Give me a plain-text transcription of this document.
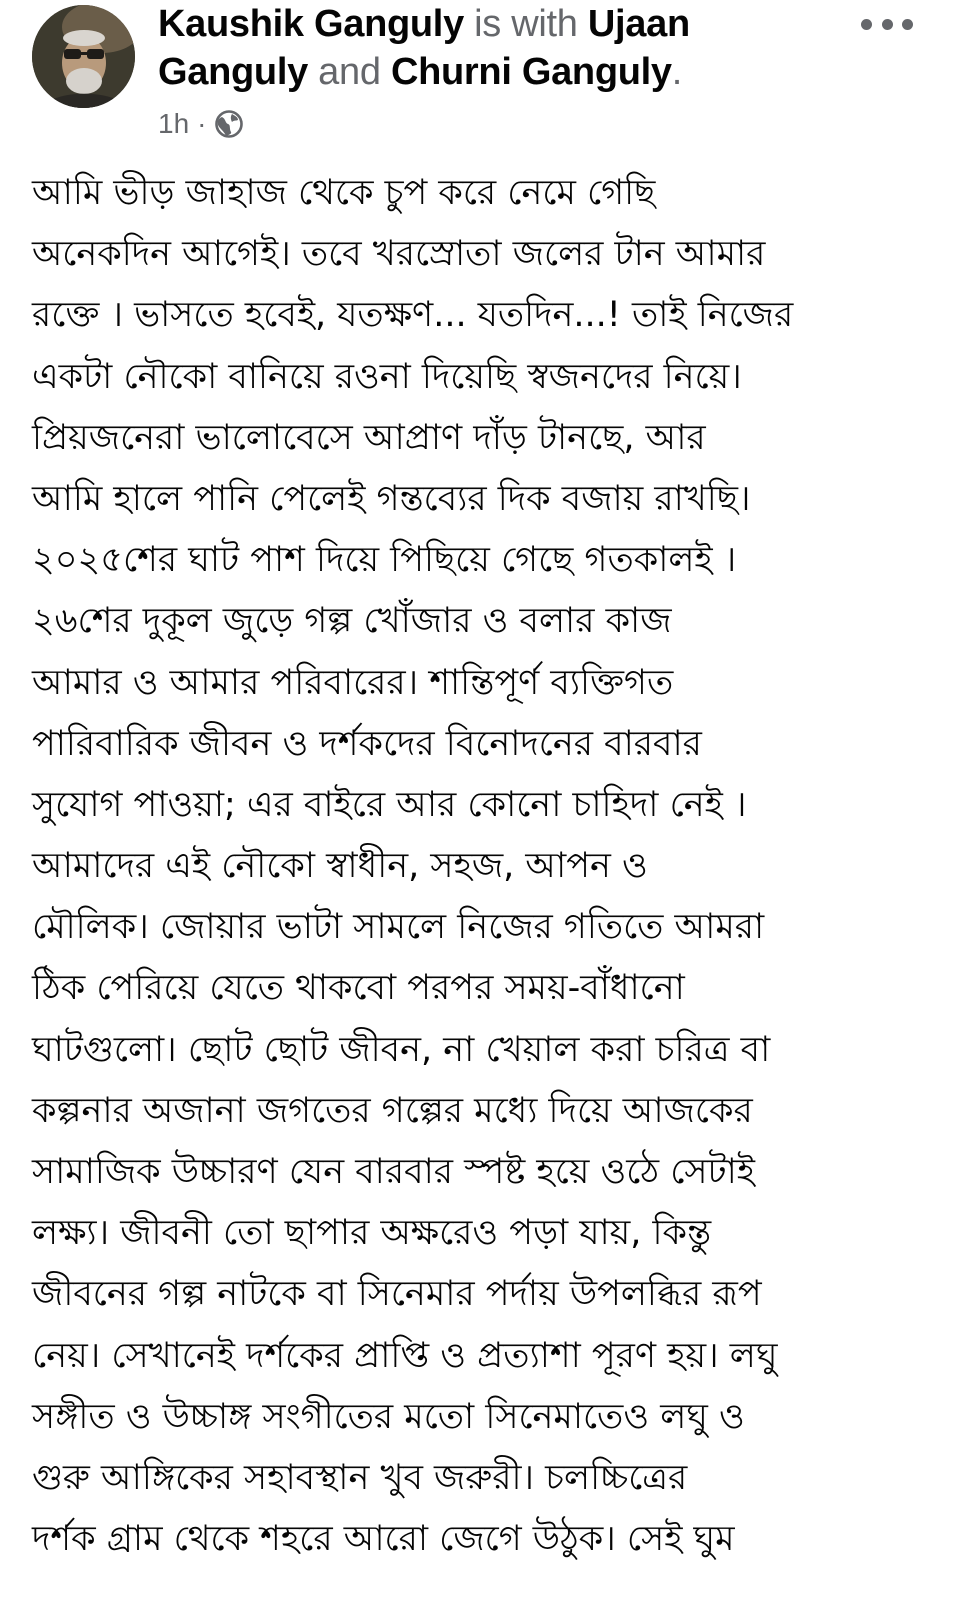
Kaushik Ganguly is with Ujaan Ganguly and Churni Ganguly.
1h ·
আমি ভীড় জাহাজ থেকে চুপ করে নেমে গেছি
অনেকদিন আগেই। তবে খরস্রোতা জলের টান আমার
রক্তে । ভাসতে হবেই, যতক্ষণ... যতদিন...! তাই নিজের
একটা নৌকো বানিয়ে রওনা দিয়েছি স্বজনদের নিয়ে।
প্রিয়জনেরা ভালোবেসে আপ্রাণ দাঁড় টানছে, আর
আমি হালে পানি পেলেই গন্তব্যের দিক বজায় রাখছি।
২০২৫শের ঘাট পাশ দিয়ে পিছিয়ে গেছে গতকালই ।
২৬শের দুকূল জুড়ে গল্প খোঁজার ও বলার কাজ
আমার ও আমার পরিবারের। শান্তিপূর্ণ ব্যক্তিগত
পারিবারিক জীবন ও দর্শকদের বিনোদনের বারবার
সুযোগ পাওয়া; এর বাইরে আর কোনো চাহিদা নেই ।
আমাদের এই নৌকো স্বাধীন, সহজ, আপন ও
মৌলিক। জোয়ার ভাটা সামলে নিজের গতিতে আমরা
ঠিক পেরিয়ে যেতে থাকবো পরপর সময়-বাঁধানো
ঘাটগুলো। ছোট ছোট জীবন, না খেয়াল করা চরিত্র বা
কল্পনার অজানা জগতের গল্পের মধ্যে দিয়ে আজকের
সামাজিক উচ্চারণ যেন বারবার স্পষ্ট হয়ে ওঠে সেটাই
লক্ষ্য। জীবনী তো ছাপার অক্ষরেও পড়া যায়, কিন্তু
জীবনের গল্প নাটকে বা সিনেমার পর্দায় উপলব্ধির রূপ
নেয়। সেখানেই দর্শকের প্রাপ্তি ও প্রত্যাশা পূরণ হয়। লঘু
সঙ্গীত ও উচ্চাঙ্গ সংগীতের মতো সিনেমাতেও লঘু ও
গুরু আঙ্গিকের সহাবস্থান খুব জরুরী। চলচ্চিত্রের
দর্শক গ্রাম থেকে শহরে আরো জেগে উঠুক। সেই ঘুম
